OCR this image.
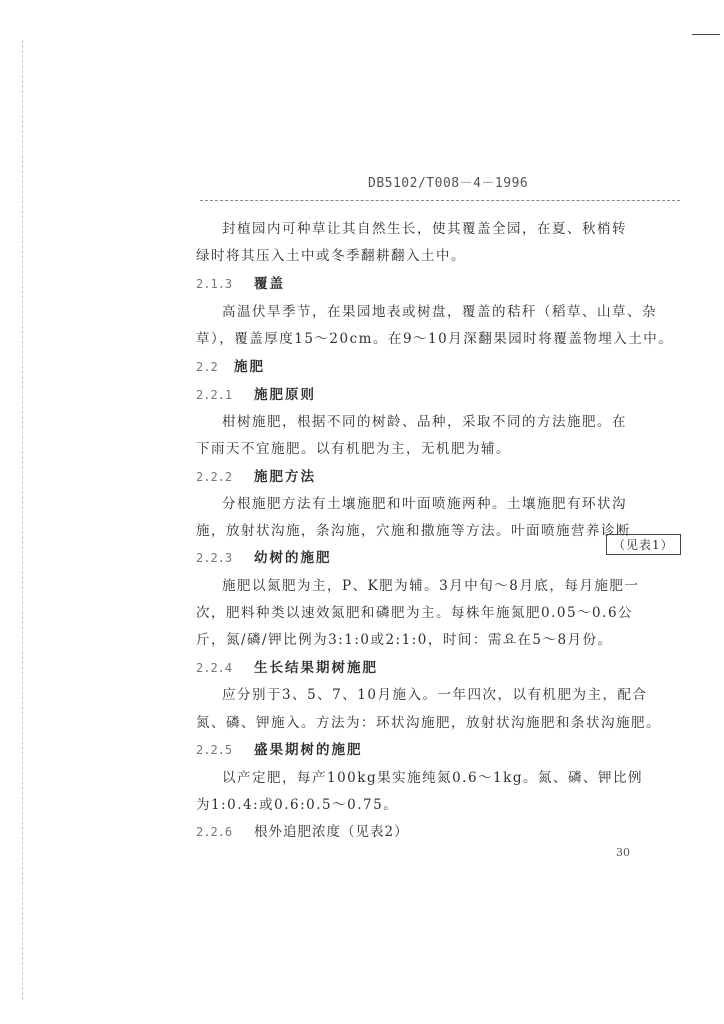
DB5102/T008－4－1996
封植园内可种草让其自然生长，使其覆盖全园，在夏、秋梢转
绿时将其压入土中或冬季翻耕翻入土中。
2.1.3 覆盖
高温伏旱季节，在果园地表或树盘，覆盖的秸秆（稻草、山草、杂
草），覆盖厚度15～20cm。在9～10月深翻果园时将覆盖物埋入土中。
2.2 施肥
2.2.1 施肥原则
柑树施肥，根据不同的树龄、品种，采取不同的方法施肥。在
下雨天不宜施肥。以有机肥为主，无机肥为辅。
2.2.2 施肥方法
分根施肥方法有土壤施肥和叶面喷施两种。土壤施肥有环状沟
施，放射状沟施，条沟施，穴施和撒施等方法。叶面喷施营养诊断
（见表1）
2.2.3 幼树的施肥
施肥以氮肥为主，P、K肥为辅。3月中旬～8月底，每月施肥一
次，肥料种类以速效氮肥和磷肥为主。每株年施氮肥0.05～0.6公
斤，氮/磷/钾比例为3:1:0或2:1:0，时间：需요在5～8月份。
2.2.4 生长结果期树施肥
应分别于3、5、7、10月施入。一年四次，以有机肥为主，配合
氮、磷、钾施入。方法为：环状沟施肥，放射状沟施肥和条状沟施肥。
2.2.5 盛果期树的施肥
以产定肥，每产100kg果实施纯氮0.6～1kg。氮、磷、钾比例
为1:0.4:或0.6:0.5～0.75。
2.2.6 根外追肥浓度（见表2）
30
